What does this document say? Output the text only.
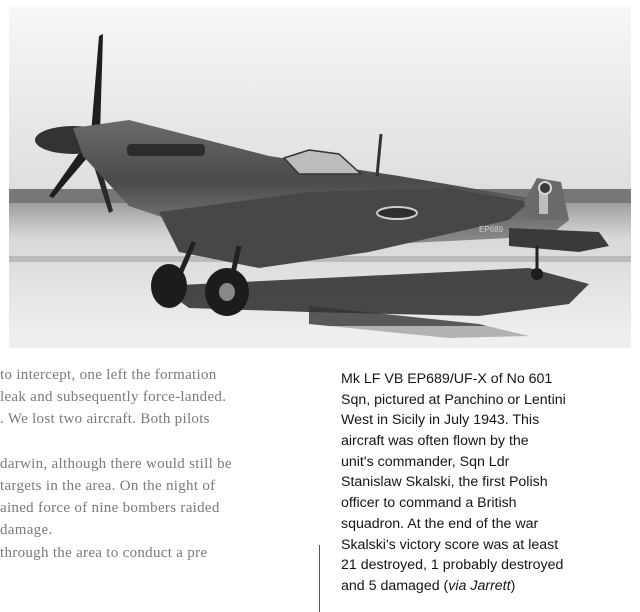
EP689
to intercept, one left the formation
leak and subsequently force-landed.
. We lost two aircraft. Both pilots
darwin, although there would still be
targets in the area. On the night of
ained force of nine bombers raided
damage.
through the area to conduct a pre
Mk LF VB EP689/UF-X of No 601
Sqn, pictured at Panchino or Lentini
West in Sicily in July 1943. This
aircraft was often flown by the
unit's commander, Sqn Ldr
Stanislaw Skalski, the first Polish
officer to command a British
squadron. At the end of the war
Skalski's victory score was at least
21 destroyed, 1 probably destroyed
and 5 damaged (via Jarrett)
